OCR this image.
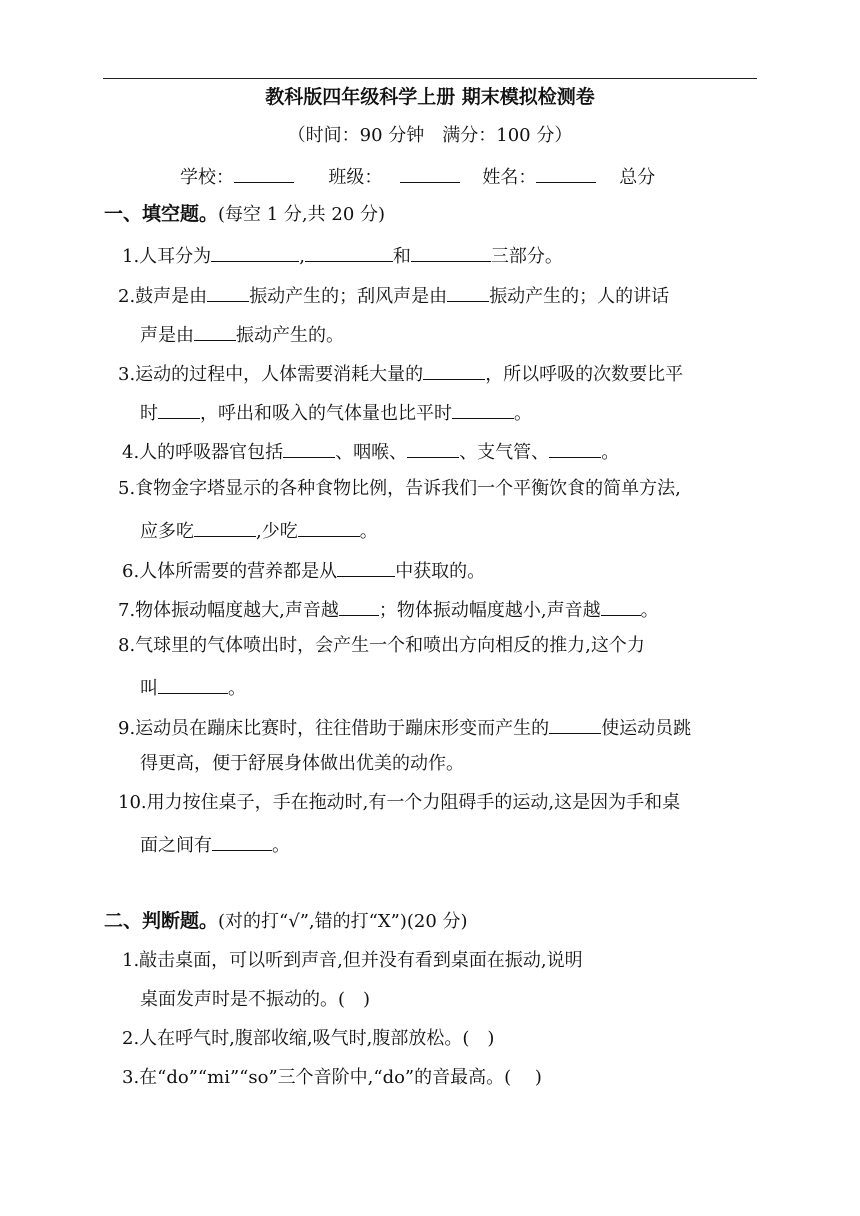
教科版四年级科学上册 期末模拟检测卷
（时间：90 分钟　满分：100 分）
学校：	班级：	姓名：	总分
一、填空题。(每空 1 分,共 20 分)
1.人耳分为	,	和	三部分。
2.鼓声是由 振动产生的；刮风声是由 振动产生的；人的讲话
声是由 振动产生的。
3.运动的过程中，人体需要消耗大量的	，所以呼吸的次数要比平
时 ，呼出和吸入的气体量也比平时	。
4.人的呼吸器官包括	、咽喉、	、支气管、	。
5.食物金字塔显示的各种食物比例，告诉我们一个平衡饮食的简单方法,
应多吃	,少吃	。
6.人体所需要的营养都是从	中获取的。
7.物体振动幅度越大,声音越 ；物体振动幅度越小,声音越 。
8.气球里的气体喷出时，会产生一个和喷出方向相反的推力,这个力
叫	。
9.运动员在蹦床比赛时，往往借助于蹦床形变而产生的	使运动员跳
得更高，便于舒展身体做出优美的动作。
10.用力按住桌子，手在拖动时,有一个力阻碍手的运动,这是因为手和桌
面之间有	。
二、判断题。(对的打“√”,错的打“X”)(20 分)
1.敲击桌面，可以听到声音,但并没有看到桌面在振动,说明
桌面发声时是不振动的。(　)
2.人在呼气时,腹部收缩,吸气时,腹部放松。(　)
3.在“do”“mi”“so”三个音阶中,“do”的音最高。(　 )
